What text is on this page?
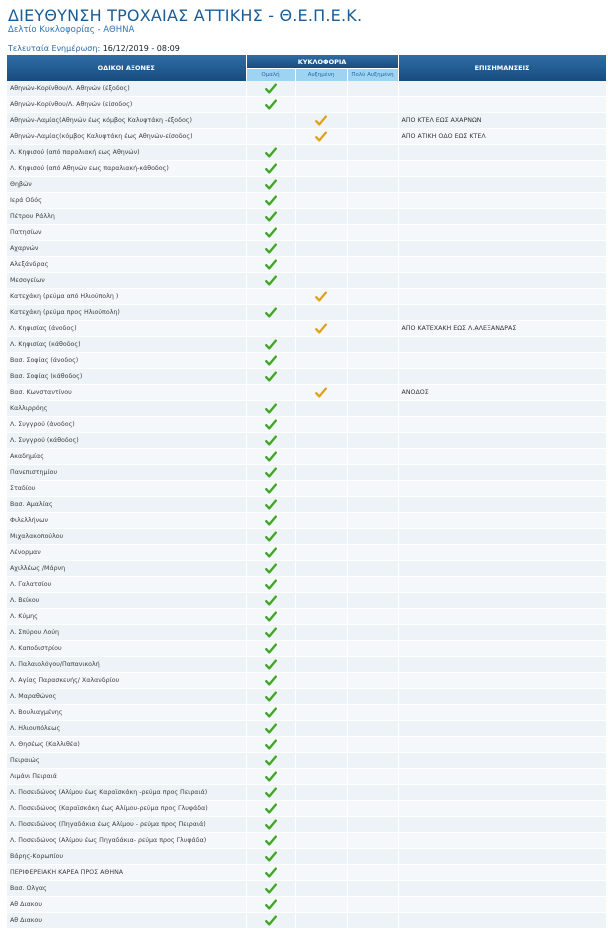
ΔΙΕΥΘΥΝΣΗ ΤΡΟΧΑΙΑΣ ΑΤΤΙΚΗΣ - Θ.Ε.Π.Ε.Κ.
Δελτίο Κυκλοφορίας - ΑΘΗΝΑ
Τελευταία Ενημέρωση: 16/12/2019 - 08:09
ΟΔΙΚΟΙ ΑΞΟΝΕΣ	ΚΥΚΛΟΦΟΡΙΑ			ΕΠΙΣΗΜΑΝΣΕΙΣ
	Ομαλή	Αυξημένη	Πολύ Αυξημένη	
Αθηνών-Κορίνθου/Λ. Αθηνών (έξοδος)				
Αθηνών-Κορίνθου/Λ. Αθηνών (είσοδος)				
Αθηνών-Λαμίας(Αθηνών έως κόμβος Καλυφτάκη -έξοδος)				ΑΠΟ ΚΤΕΛ ΕΩΣ ΑΧΑΡΝΩΝ
Αθηνών-Λαμίας(κόμβος Καλυφτάκη έως Αθηνών-είσοδος)				ΑΠΟ ΑΤΙΚΗ ΟΔΟ ΕΩΣ ΚΤΕΛ
Λ. Κηφισού (από παραλιακή εως Αθηνών)				
Λ. Κηφισού (από Αθηνών εως παραλιακή-κάθοδος)				
Θηβών				
Ιερά Οδός				
Πέτρου Ράλλη				
Πατησίων				
Αχαρνών				
Αλεξάνδρας				
Μεσογείων				
Κατεχάκη (ρεύμα από Ηλιούπολη )				
Κατεχάκη (ρεύμα προς Ηλιούπολη)				
Λ. Κηφισίας (άνοδος)				ΑΠΟ ΚΑΤΕΧΑΚΗ ΕΩΣ Λ.ΑΛΕΞΑΝΔΡΑΣ
Λ. Κηφισίας (κάθοδος)				
Βασ. Σοφίας (άνοδος)				
Βασ. Σοφίας (κάθοδος)				
Βασ. Κωνσταντίνου				ΑΝΟΔΟΣ
Καλλιρρόης				
Λ. Συγγρού (άνοδος)				
Λ. Συγγρού (κάθοδος)				
Ακαδημίας				
Πανεπιστημίου				
Σταδίου				
Βασ. Αμαλίας				
Φιλελλήνων				
Μιχαλακοπούλου				
Λένορμαν				
Αχιλλέως /Μάρνη				
Λ. Γαλατσίου				
Λ. Βείκου				
Λ. Κύμης				
Λ. Σπύρου Λούη				
Λ. Καποδιστρίου				
Λ. Παλαιολόγου/Παπανικολή				
Λ. Αγίας Παρασκευής/ Χαλανδρίου				
Λ. Μαραθώνος				
Λ. Βουλιαγμένης				
Λ. Ηλιουπόλεως				
Λ. Θησέως (Καλλιθέα)				
Πειραιώς				
Λιμάνι Πειραιά				
Λ. Ποσειδώνος (Αλίμου έως Καραϊσκάκη -ρεύμα προς Πειραιά)				
Λ. Ποσειδώνος (Καραϊσκάκη έως Αλίμου-ρεύμα προς Γλυφάδα)				
Λ. Ποσειδώνος (Πηγαδάκια έως Αλίμου - ρεύμα προς Πειραιά)				
Λ. Ποσειδώνος (Αλίμου έως Πηγαδάκια- ρεύμα προς Γλυφάδα)				
Βάρης-Κορωπίου				
ΠΕΡΙΦΕΡΕΙΑΚΗ ΚΑΡΕΑ ΠΡΟΣ ΑΘΗΝΑ				
Βασ. Ολγας				
Αθ Διακου				
Αθ Διακου				
